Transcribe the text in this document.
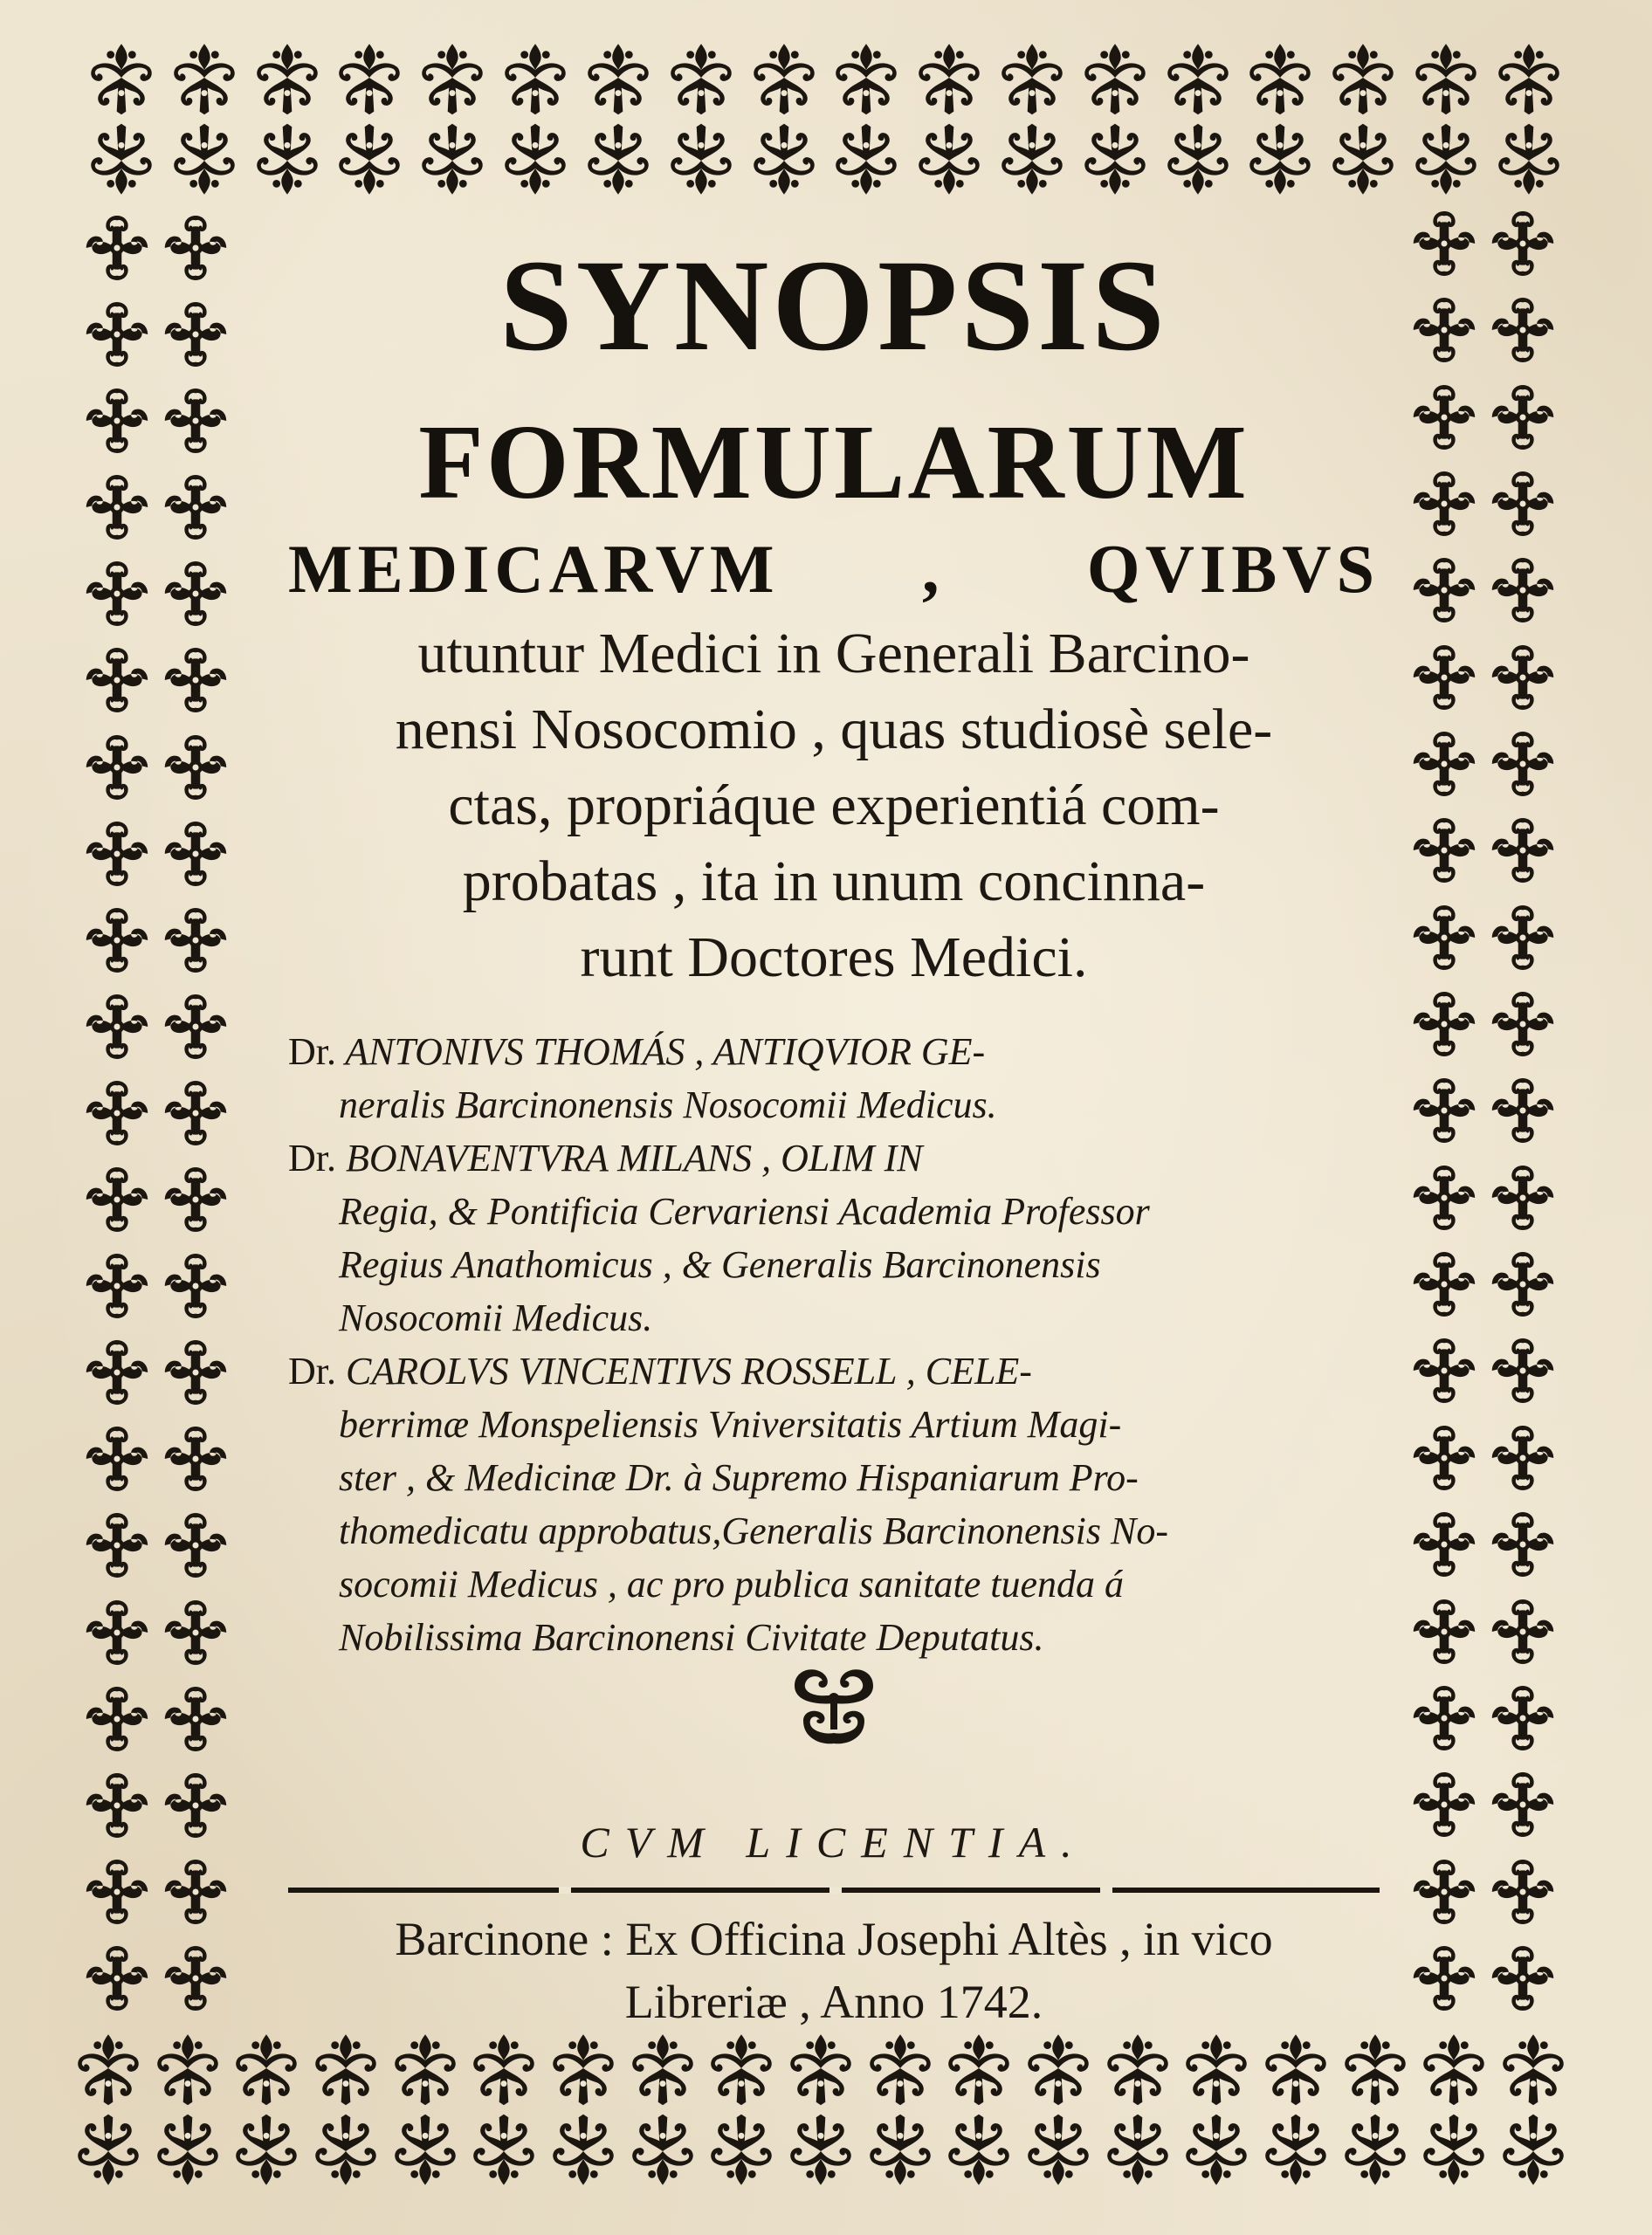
SYNOPSIS
FORMULARUM
MEDICARVM , QVIBVS

utuntur Medici in Generali Barcino-
nensi Nosocomio , quas studiosè sele-
ctas, propriáque experientiá com-
probatas , ita in unum concinna-
runt Doctores Medici.

Dr. ANTONIVS THOMÁS , ANTIQVIOR GE-
neralis Barcinonensis Nosocomii Medicus.

Dr. BONAVENTVRA MILANS , OLIM IN
Regia, & Pontificia Cervariensi Academia Professor
Regius Anathomicus , & Generalis Barcinonensis
Nosocomii Medicus.

Dr. CAROLVS VINCENTIVS ROSSELL , CELE-
berrimæ Monspeliensis Vniversitatis Artium Magi-
ster , & Medicinæ Dr. à Supremo Hispaniarum Pro-
thomedicatu approbatus,Generalis Barcinonensis No-
socomii Medicus , ac pro publica sanitate tuenda á
Nobilissima Barcinonensi Civitate Deputatus.

CVM LICENTIA.
Barcinone : Ex Officina Josephi Altès , in vico
Libreriæ , Anno 1742.
